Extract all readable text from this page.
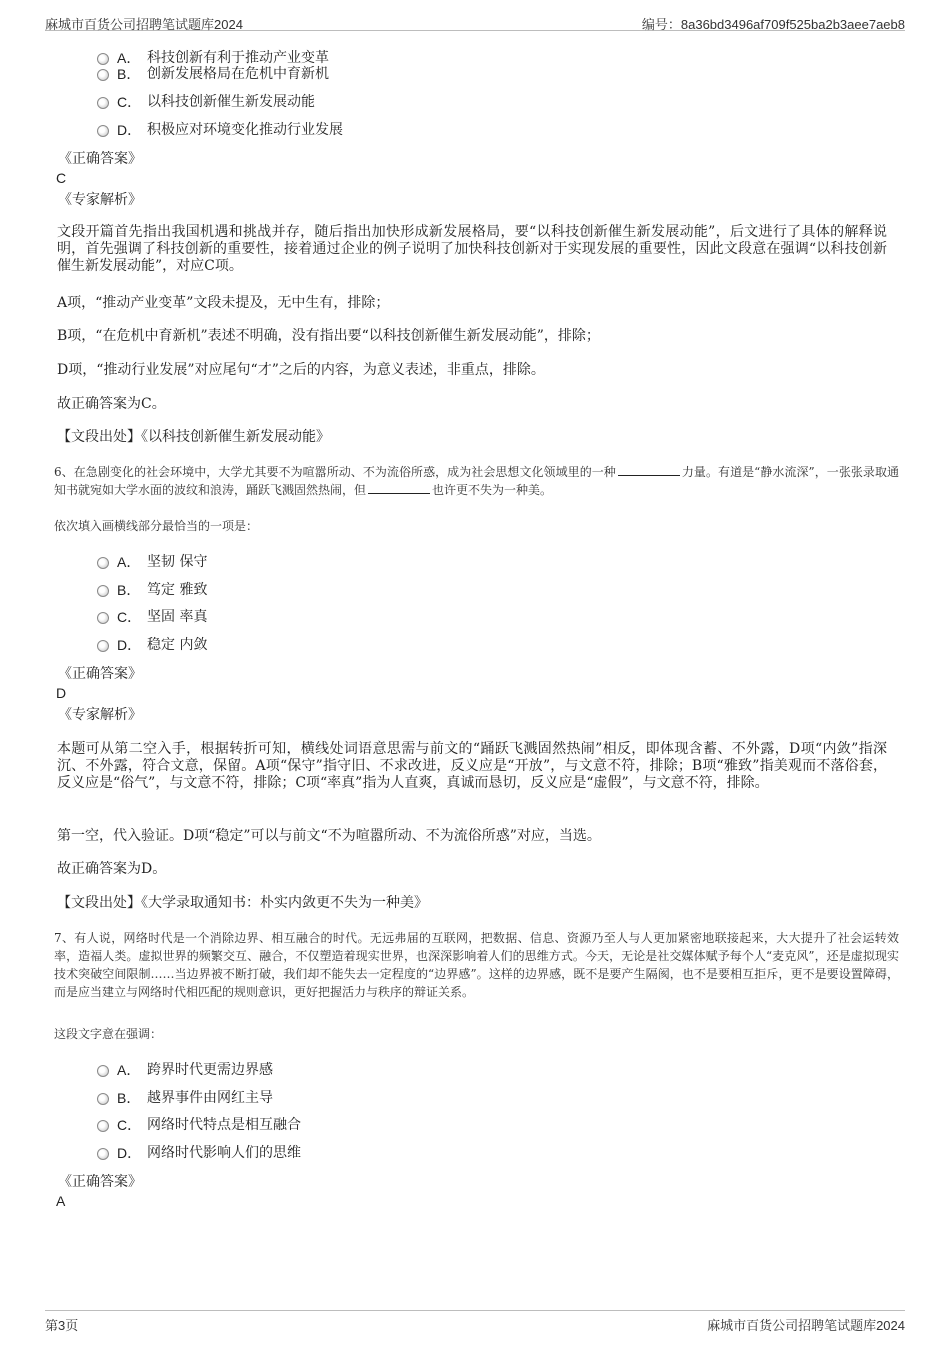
麻城市百货公司招聘笔试题库2024	编号：8a36bd3496af709f525ba2b3aee7aeb8
A． 科技创新有利于推动产业变革
B． 创新发展格局在危机中育新机
C． 以科技创新催生新发展动能
D． 积极应对环境变化推动行业发展
《正确答案》
C
《专家解析》
文段开篇首先指出我国机遇和挑战并存，随后指出加快形成新发展格局，要“以科技创新催生新发展动能”，后文进行了具体的解释说明，首先强调了科技创新的重要性，接着通过企业的例子说明了加快科技创新对于实现发展的重要性，因此文段意在强调“以科技创新催生新发展动能”，对应C项。
A项，“推动产业变革”文段未提及，无中生有，排除；
B项，“在危机中育新机”表述不明确，没有指出要“以科技创新催生新发展动能”，排除；
D项，“推动行业发展”对应尾句“才”之后的内容，为意义表述，非重点，排除。
故正确答案为C。
【文段出处】《以科技创新催生新发展动能》
6、在急剧变化的社会环境中，大学尤其要不为喧嚣所动、不为流俗所惑，成为社会思想文化领域里的一种	力量。有道是“静水流深”，一张张录取通知书就宛如大学水面的波纹和浪涛，踊跃飞溅固然热闹，但	也许更不失为一种美。
依次填入画横线部分最恰当的一项是：
A． 坚韧 保守
B． 笃定 雅致
C． 坚固 率真
D． 稳定 内敛
《正确答案》
D
《专家解析》
本题可从第二空入手，根据转折可知，横线处词语意思需与前文的“踊跃飞溅固然热闹”相反，即体现含蓄、不外露，D项“内敛”指深沉、不外露，符合文意，保留。A项“保守”指守旧、不求改进，反义应是“开放”，与文意不符，排除；B项“雅致”指美观而不落俗套，反义应是“俗气”，与文意不符，排除；C项“率真”指为人直爽，真诚而恳切，反义应是“虚假”，与文意不符，排除。
第一空，代入验证。D项“稳定”可以与前文“不为喧嚣所动、不为流俗所惑”对应，当选。
故正确答案为D。
【文段出处】《大学录取通知书：朴实内敛更不失为一种美》
7、有人说，网络时代是一个消除边界、相互融合的时代。无远弗届的互联网，把数据、信息、资源乃至人与人更加紧密地联接起来，大大提升了社会运转效率，造福人类。虚拟世界的频繁交互、融合，不仅塑造着现实世界，也深深影响着人们的思维方式。今天，无论是社交媒体赋予每个人“麦克风”，还是虚拟现实技术突破空间限制……当边界被不断打破，我们却不能失去一定程度的“边界感”。这样的边界感，既不是要产生隔阂，也不是要相互拒斥，更不是要设置障碍，而是应当建立与网络时代相匹配的规则意识，更好把握活力与秩序的辩证关系。
这段文字意在强调：
A． 跨界时代更需边界感
B． 越界事件由网红主导
C． 网络时代特点是相互融合
D． 网络时代影响人们的思维
《正确答案》
A
第3页	麻城市百货公司招聘笔试题库2024
